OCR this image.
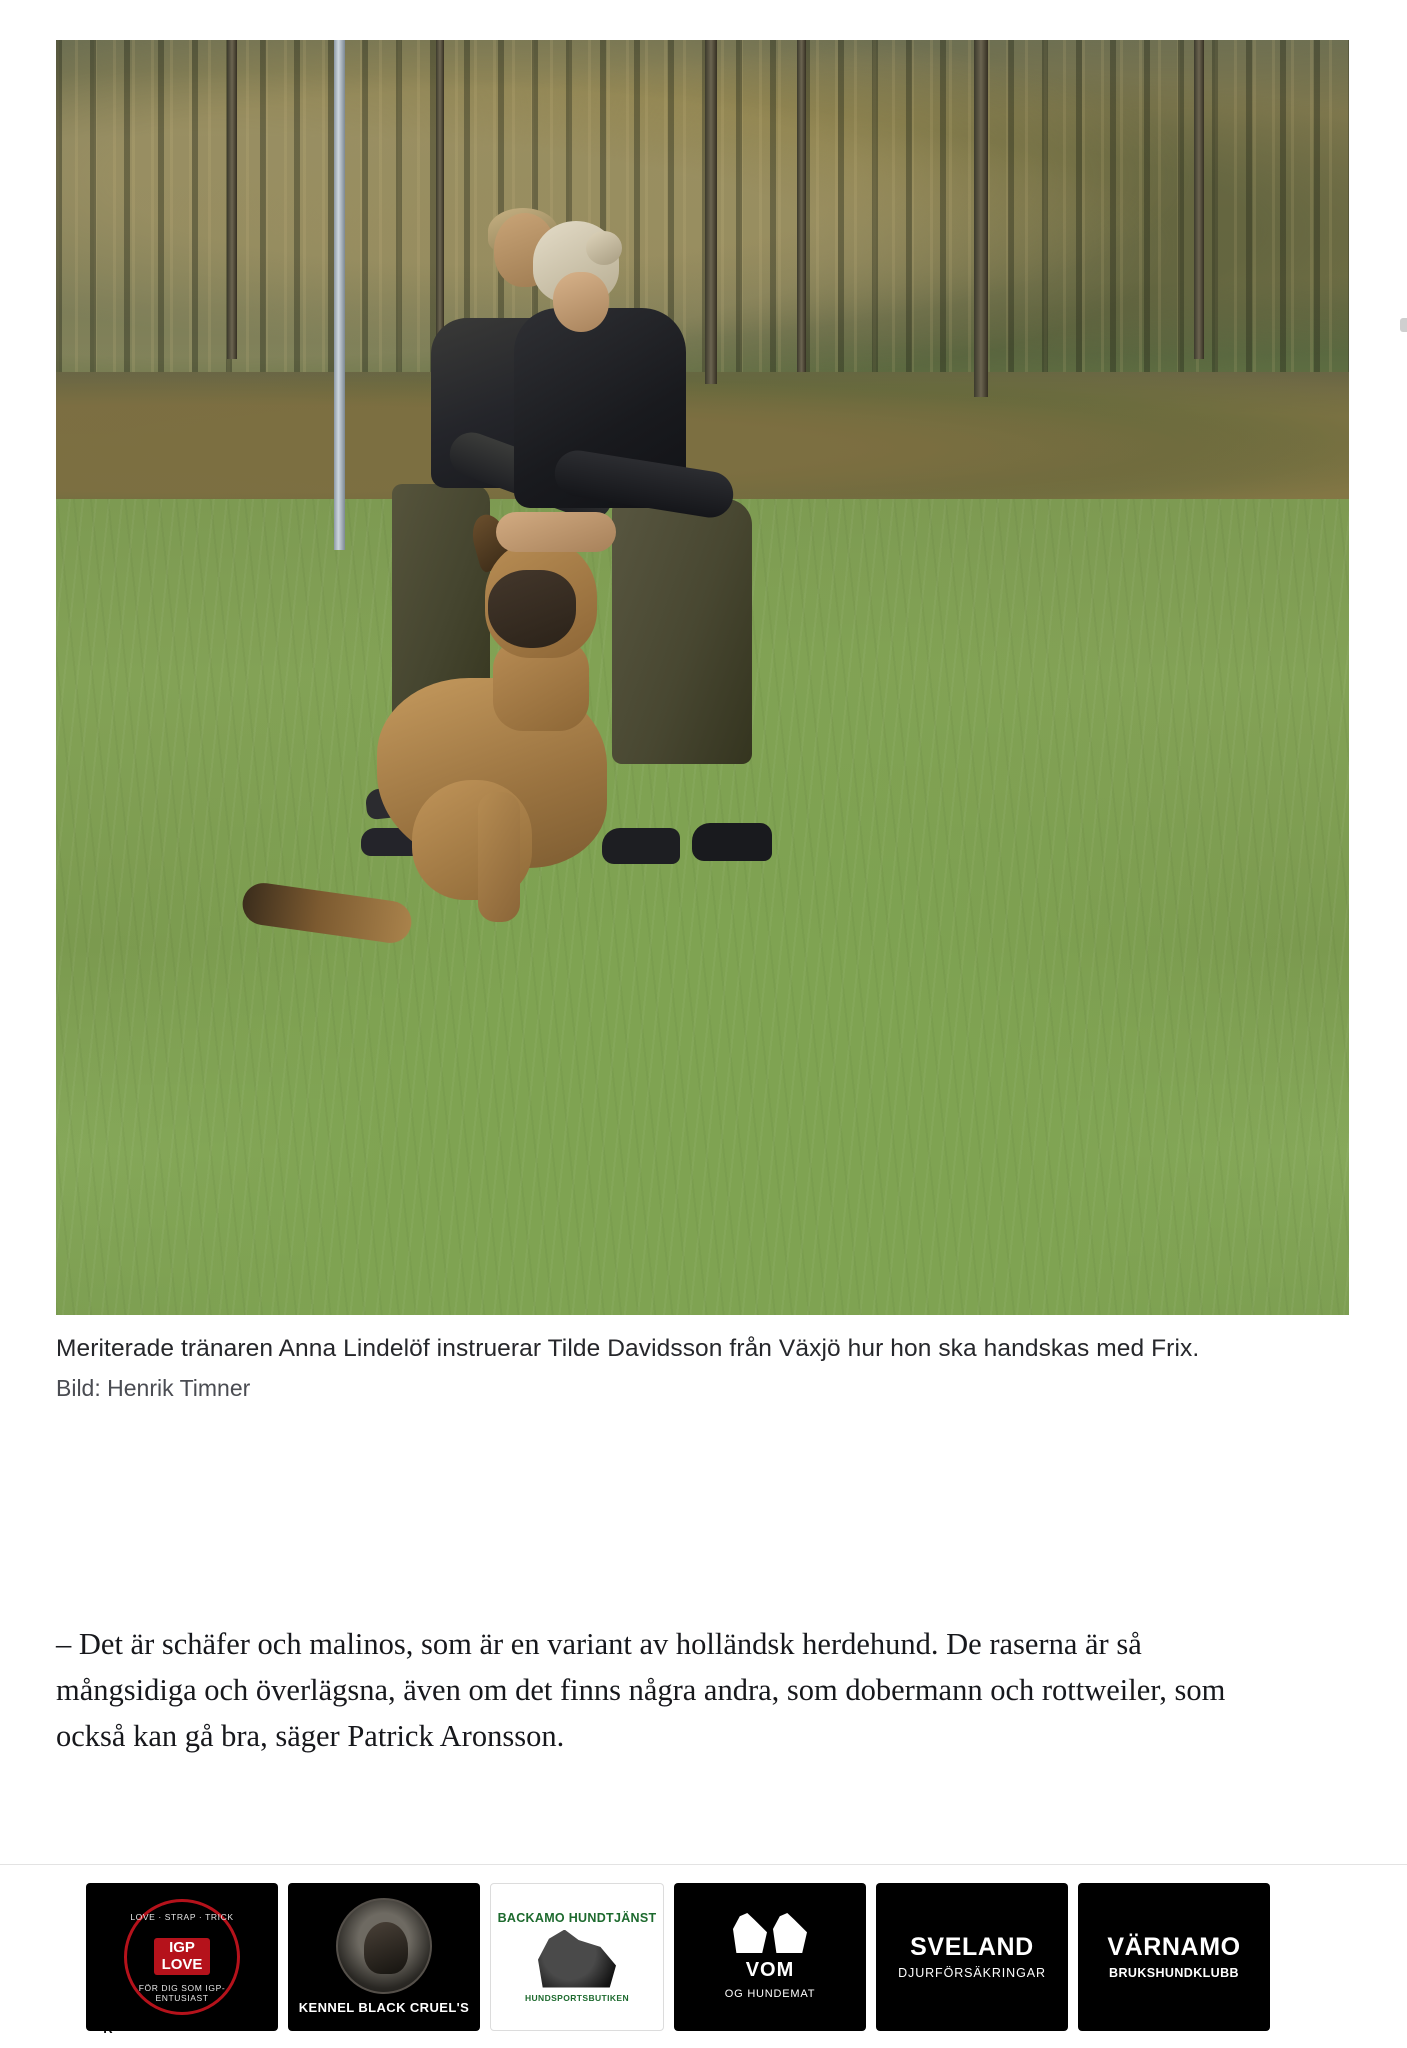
Meriterade tränaren Anna Lindelöf instruerar Tilde Davidsson från Växjö hur hon ska handskas med Frix.
Bild: Henrik Timner

– Det är schäfer och malinos, som är en variant av holländsk herdehund. De raserna är så mångsidiga och överlägsna, även om det finns några andra, som dobermann och rottweiler, som också kan gå bra, säger Patrick Aronsson.

LOVE · STRAP · TRICK
IGP
LOVE
FÖR DIG SOM IGP-ENTUSIAST
KENNEL BLACK CRUEL'S
BACKAMO HUNDTJÄNST
HUNDSPORTSBUTIKEN
VOM
OG HUNDEMAT
SVELAND
DJURFÖRSÄKRINGAR
VÄRNAMO
BRUKSHUNDKLUBB
